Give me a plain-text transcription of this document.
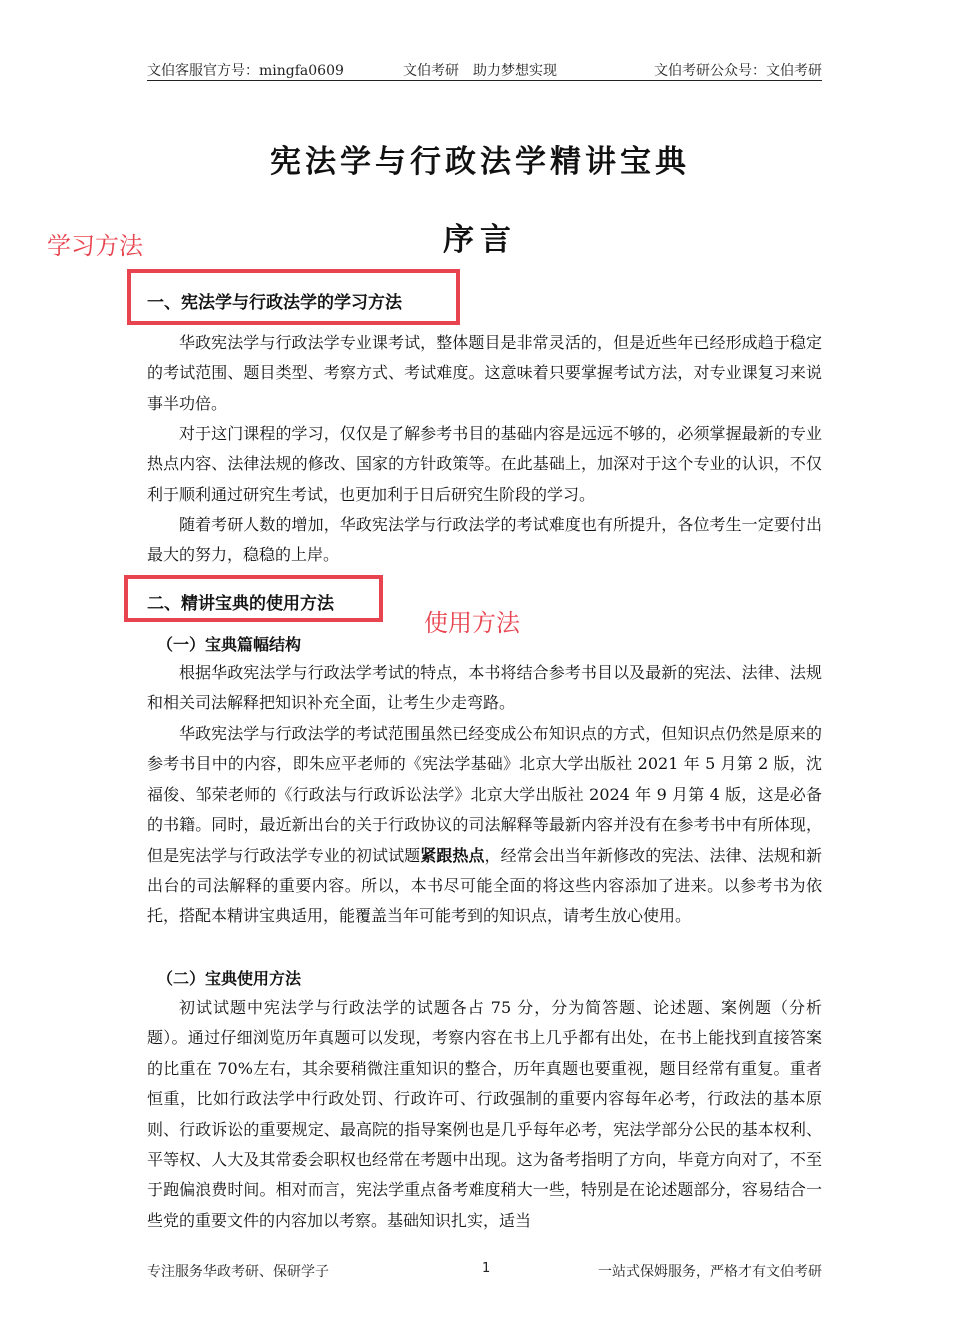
文伯客服官方号：mingfa0609	文伯考研　助力梦想实现	文伯考研公众号：文伯考研
宪法学与行政法学精讲宝典
序言
学习方法
一、宪法学与行政法学的学习方法

华政宪法学与行政法学专业课考试，整体题目是非常灵活的，但是近些年已经形成趋于稳定的考试范围、题目类型、考察方式、考试难度。这意味着只要掌握考试方法，对专业课复习来说事半功倍。

对于这门课程的学习，仅仅是了解参考书目的基础内容是远远不够的，必须掌握最新的专业热点内容、法律法规的修改、国家的方针政策等。在此基础上，加深对于这个专业的认识，不仅利于顺利通过研究生考试，也更加利于日后研究生阶段的学习。

随着考研人数的增加，华政宪法学与行政法学的考试难度也有所提升，各位考生一定要付出最大的努力，稳稳的上岸。

二、精讲宝典的使用方法
使用方法
（一）宝典篇幅结构

根据华政宪法学与行政法学考试的特点，本书将结合参考书目以及最新的宪法、法律、法规和相关司法解释把知识补充全面，让考生少走弯路。

华政宪法学与行政法学的考试范围虽然已经变成公布知识点的方式，但知识点仍然是原来的参考书目中的内容，即朱应平老师的《宪法学基础》北京大学出版社 2021 年 5 月第 2 版，沈福俊、邹荣老师的《行政法与行政诉讼法学》北京大学出版社 2024 年 9 月第 4 版，这是必备的书籍。同时，最近新出台的关于行政协议的司法解释等最新内容并没有在参考书中有所体现，但是宪法学与行政法学专业的初试试题紧跟热点，经常会出当年新修改的宪法、法律、法规和新出台的司法解释的重要内容。所以，本书尽可能全面的将这些内容添加了进来。以参考书为依托，搭配本精讲宝典适用，能覆盖当年可能考到的知识点，请考生放心使用。

（二）宝典使用方法

初试试题中宪法学与行政法学的试题各占 75 分，分为简答题、论述题、案例题（分析题）。通过仔细浏览历年真题可以发现，考察内容在书上几乎都有出处，在书上能找到直接答案的比重在 70%左右，其余要稍微注重知识的整合，历年真题也要重视，题目经常有重复。重者恒重，比如行政法学中行政处罚、行政许可、行政强制的重要内容每年必考，行政法的基本原则、行政诉讼的重要规定、最高院的指导案例也是几乎每年必考，宪法学部分公民的基本权利、平等权、人大及其常委会职权也经常在考题中出现。这为备考指明了方向，毕竟方向对了，不至于跑偏浪费时间。相对而言，宪法学重点备考难度稍大一些，特别是在论述题部分，容易结合一些党的重要文件的内容加以考察。基础知识扎实，适当

专注服务华政考研、保研学子	1	一站式保姆服务，严格才有文伯考研
